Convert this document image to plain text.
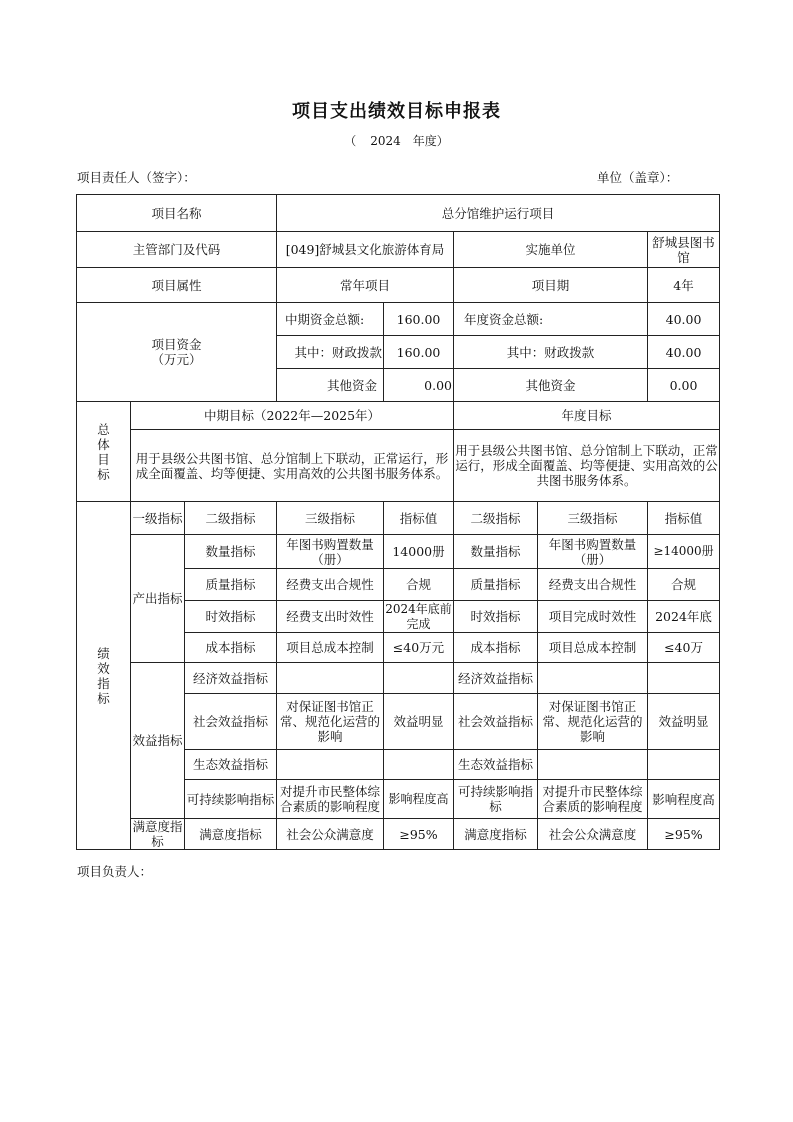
项目支出绩效目标申报表
（ 2024 年度）
项目责任人（签字）：	单位（盖章）：
项目名称			总分馆维护运行项目				
主管部门及代码			[049]舒城县文化旅游体育局		实施单位		舒城县图书馆
项目属性			常年项目		项目期		4年

项目资金
（万元）			中期资金总额:	160.00	年度资金总额:		40.00
			其中：财政拨款	160.00	其中：财政拨款		40.00
			其他资金	0.00	其他资金		0.00

总
体
目
标	中期目标（2022年—2025年）				年度目标		
	用于县级公共图书馆、总分馆制上下联动，正常运行，形成全面覆盖、均等便捷、实用高效的公共图书服务体系。				用于县级公共图书馆、总分馆制上下联动，正常运行，形成全面覆盖、均等便捷、实用高效的公共图书服务体系。		

绩
效
指
标	一级指标	二级指标	三级指标	指标值	二级指标	三级指标	指标值
	产出指标	数量指标	年图书购置数量（册）	14000册	数量指标	年图书购置数量（册）	≥14000册
		质量指标	经费支出合规性	合规	质量指标	经费支出合规性	合规
		时效指标	经费支出时效性	2024年底前完成	时效指标	项目完成时效性	2024年底
		成本指标	项目总成本控制	≤40万元	成本指标	项目总成本控制	≤40万
	效益指标	经济效益指标			经济效益指标		
		社会效益指标	对保证图书馆正常、规范化运营的影响	效益明显	社会效益指标	对保证图书馆正常、规范化运营的影响	效益明显
		生态效益指标			生态效益指标		
		可持续影响指标	对提升市民整体综合素质的影响程度	影响程度高	可持续影响指标	对提升市民整体综合素质的影响程度	影响程度高
	满意度指标	满意度指标	社会公众满意度	≥95%	满意度指标	社会公众满意度	≥95%
项目负责人：
